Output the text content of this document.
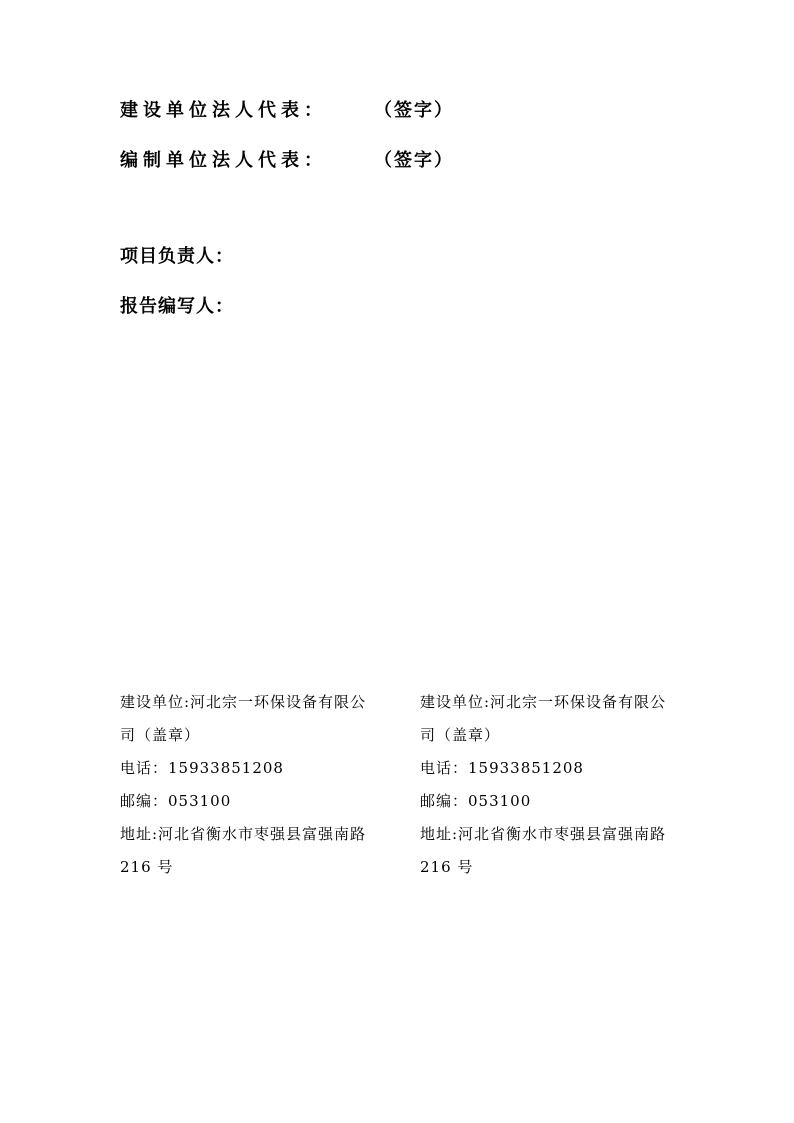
建设单位法人代表：	（签字）
编制单位法人代表：	（签字）
项目负责人：
报告编写人：
建设单位:河北宗一环保设备有限公
司（盖章）
电话：15933851208
邮编：053100
地址:河北省衡水市枣强县富强南路
216 号
建设单位:河北宗一环保设备有限公
司（盖章）
电话：15933851208
邮编：053100
地址:河北省衡水市枣强县富强南路
216 号
